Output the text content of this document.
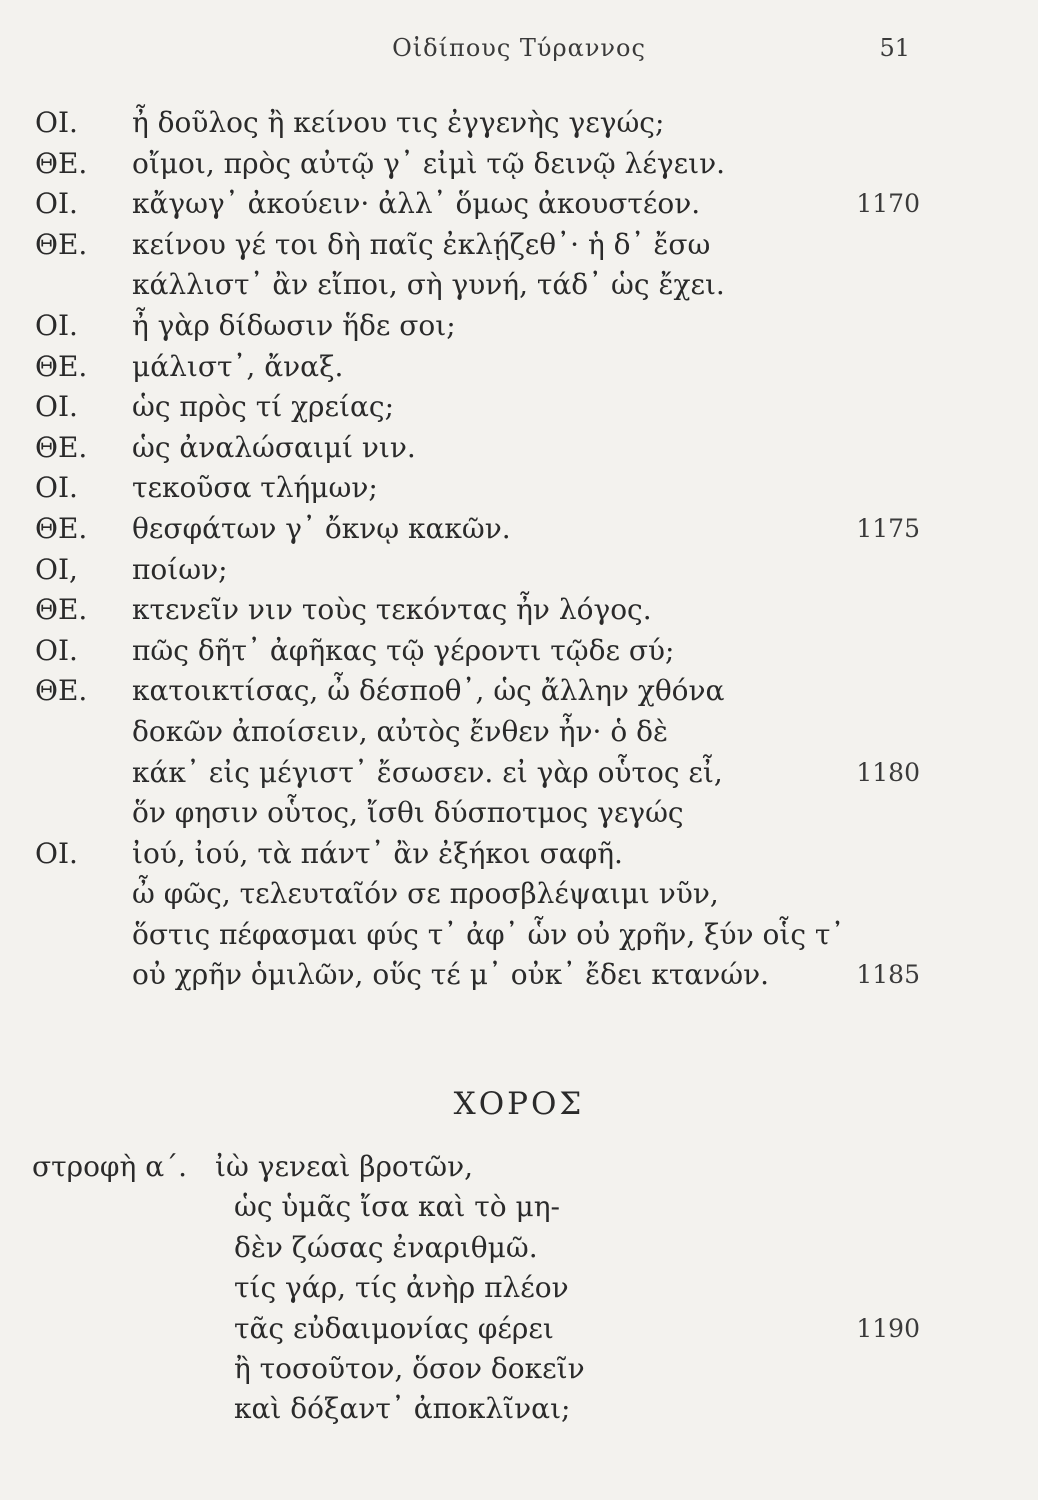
Οἰδίπους Τύραννος	51
ΟΙ. ἦ δοῦλος ἢ κείνου τις ἐγγενὴς γεγώς;
ΘΕ. οἴμοι, πρὸς αὐτῷ γ᾿ εἰμὶ τῷ δεινῷ λέγειν.
ΟΙ. κἄγωγ᾿ ἀκούειν· ἀλλ᾿ ὅμως ἀκουστέον.	1170
ΘΕ. κείνου γέ τοι δὴ παῖς ἐκλῄζεθ᾿· ἡ δ᾿ ἔσω
κάλλιστ᾿ ἂν εἴποι, σὴ γυνή, τάδ᾿ ὡς ἔχει.
ΟΙ. ἦ γὰρ δίδωσιν ἥδε σοι;
ΘΕ. μάλιστ᾿, ἄναξ.
ΟΙ. ὡς πρὸς τί χρείας;
ΘΕ. ὡς ἀναλώσαιμί νιν.
ΟΙ. τεκοῦσα τλήμων;
ΘΕ. θεσφάτων γ᾿ ὄκνῳ κακῶν.	1175
ΟΙ, ποίων;
ΘΕ. κτενεῖν νιν τοὺς τεκόντας ἦν λόγος.
ΟΙ. πῶς δῆτ᾿ ἀφῆκας τῷ γέροντι τῷδε σύ;
ΘΕ. κατοικτίσας, ὦ δέσποθ᾿, ὡς ἄλλην χθόνα
δοκῶν ἀποίσειν, αὐτὸς ἔνθεν ἦν· ὁ δὲ
κάκ᾿ εἰς μέγιστ᾿ ἔσωσεν. εἰ γὰρ οὗτος εἶ,	1180
ὅν φησιν οὗτος, ἴσθι δύσποτμος γεγώς
ΟΙ. ἰού, ἰού, τὰ πάντ᾿ ἂν ἐξήκοι σαφῆ.
ὦ φῶς, τελευταῖόν σε προσβλέψαιμι νῦν,
ὅστις πέφασμαι φύς τ᾿ ἀφ᾿ ὧν οὐ χρῆν, ξύν οἷς τ᾿
οὐ χρῆν ὁμιλῶν, οὕς τέ μ᾿ οὐκ᾿ ἔδει κτανών.	1185
ΧΟΡΟΣ
στροφὴ α΄. ἰὼ γενεαὶ βροτῶν,
ὡς ὑμᾶς ἴσα καὶ τὸ μη-
δὲν ζώσας ἐναριθμῶ.
τίς γάρ, τίς ἀνὴρ πλέον
τᾶς εὐδαιμονίας φέρει	1190
ἢ τοσοῦτον, ὅσον δοκεῖν
καὶ δόξαντ᾿ ἀποκλῖναι;
